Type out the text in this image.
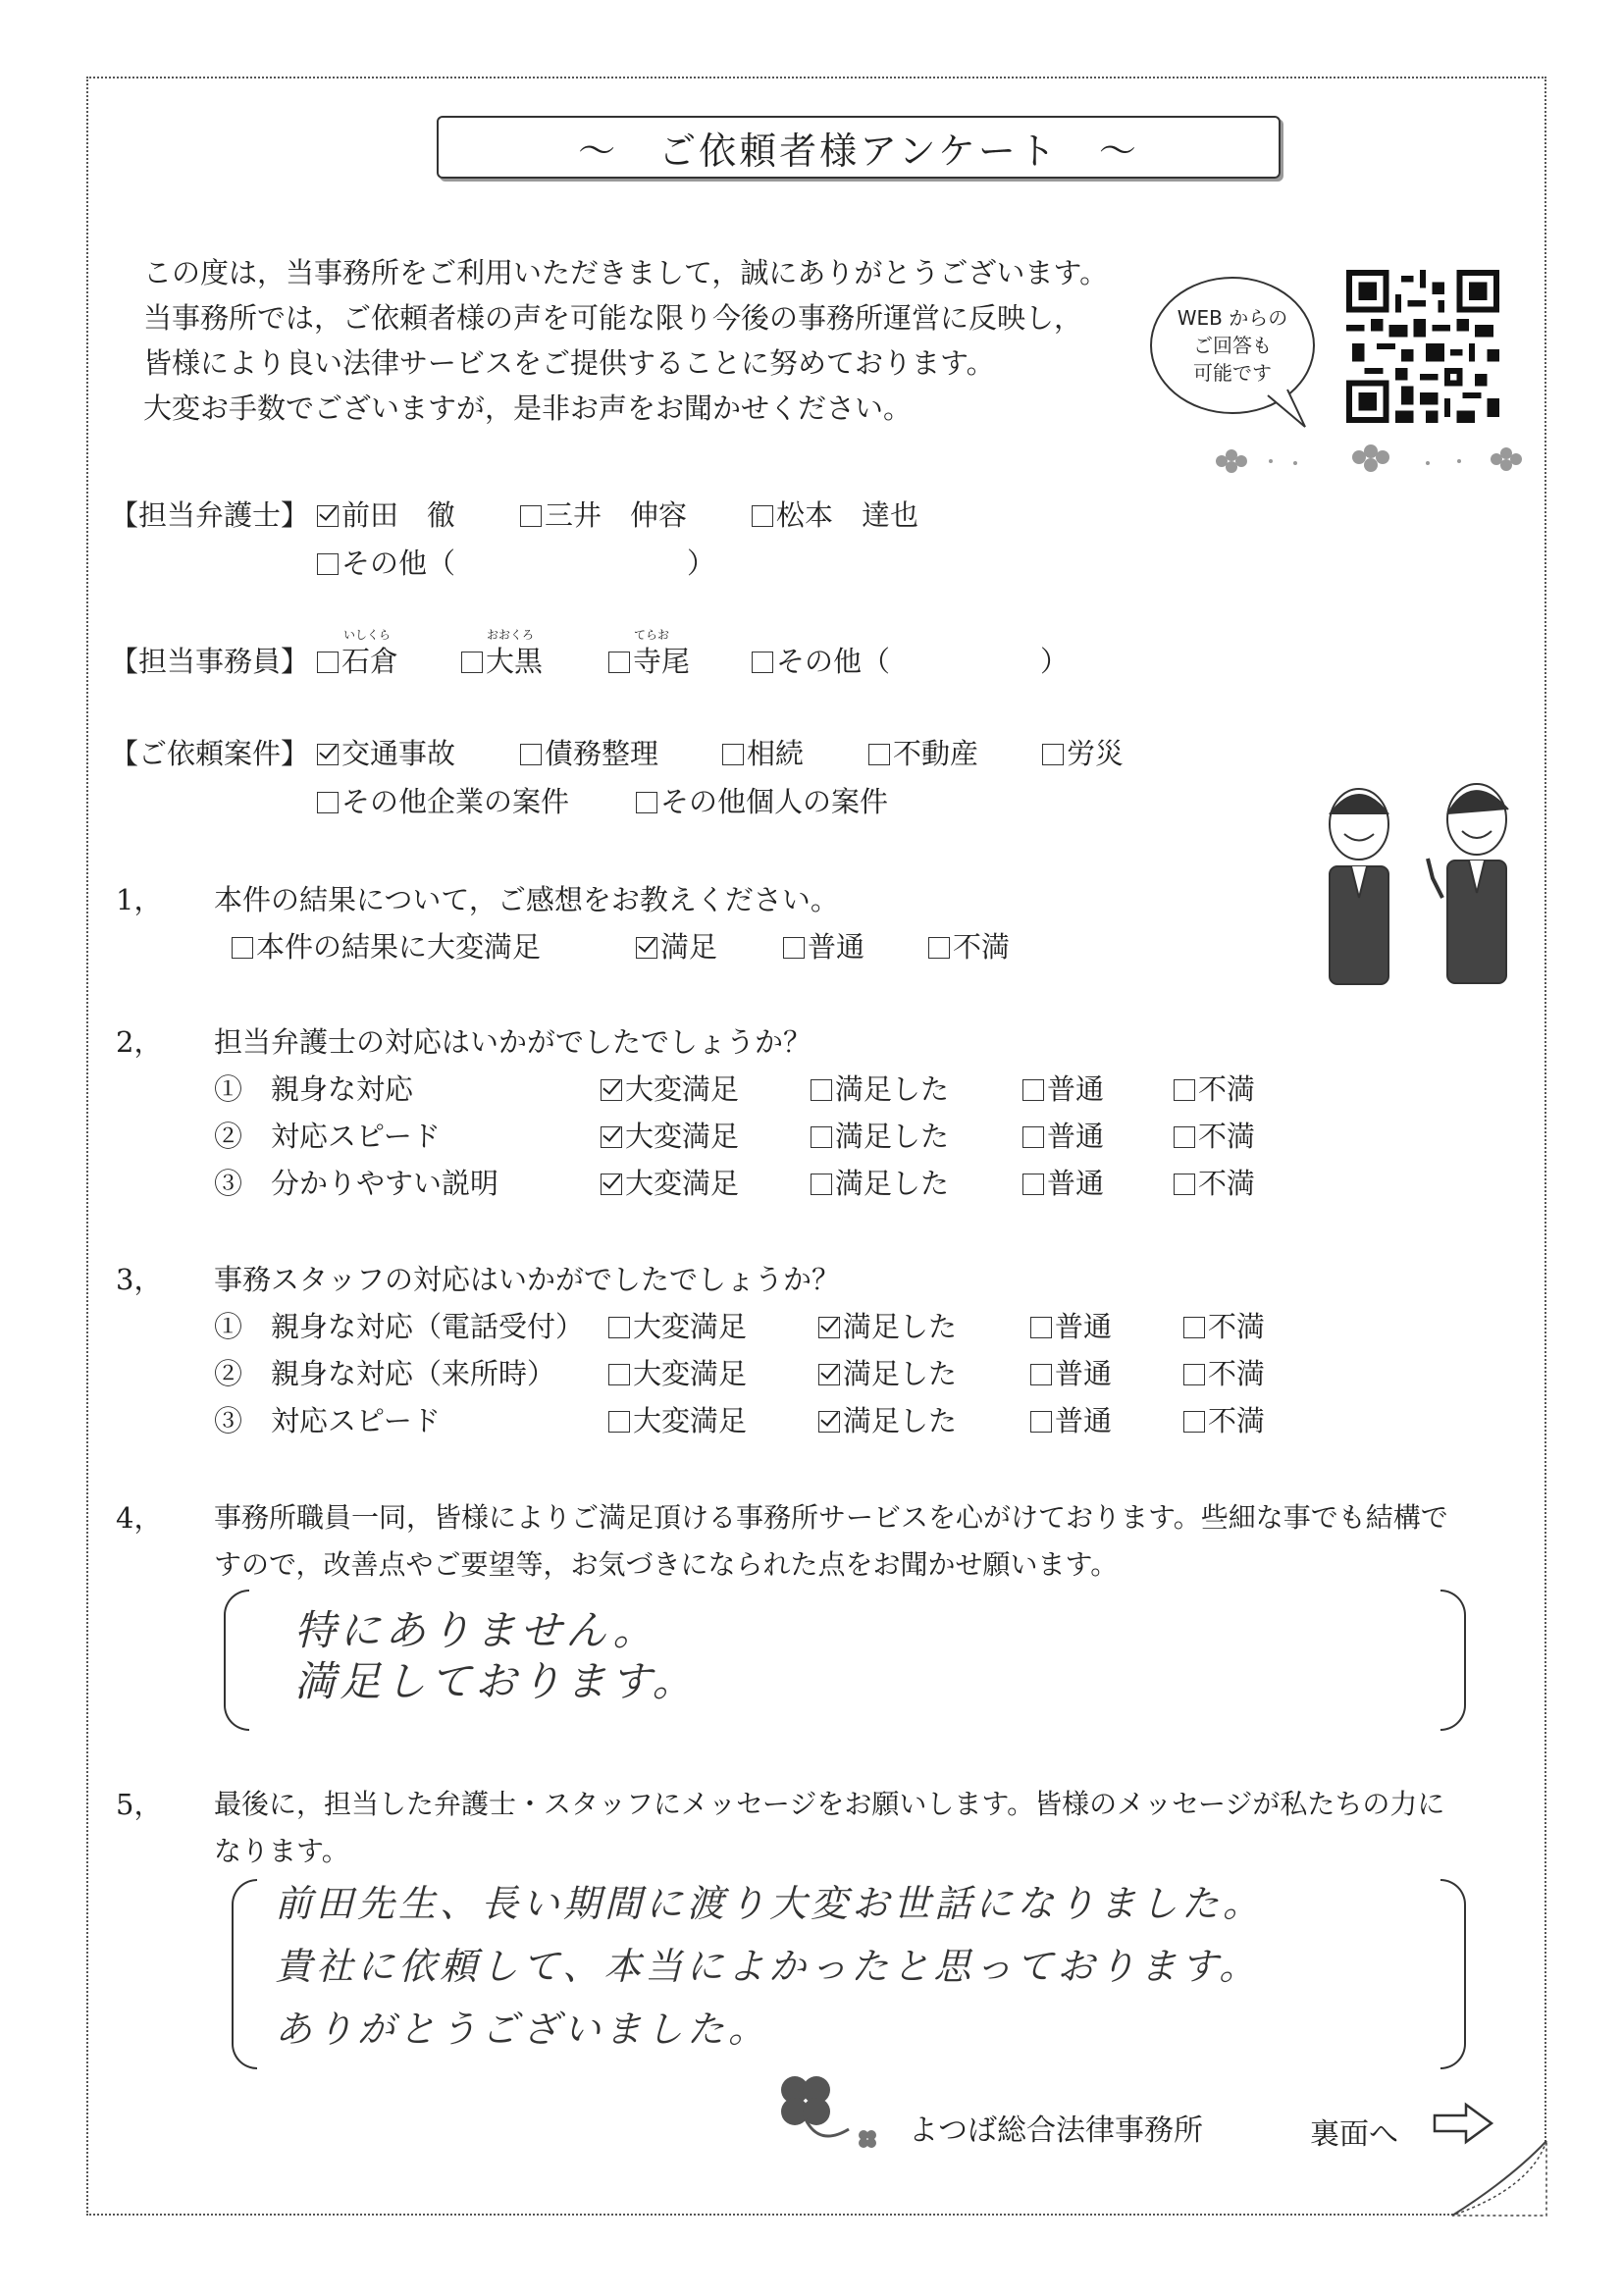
〜　ご依頼者様アンケート　〜
この度は，当事務所をご利用いただきまして，誠にありがとうございます。
当事務所では，ご依頼者様の声を可能な限り今後の事務所運営に反映し，
皆様により良い法律サービスをご提供することに努めております。
大変お手数でございますが，是非お声をお聞かせください。
WEB からの
ご回答も
可能です
【担当弁護士】	前田　徹	三井　伸容	松本　達也
その他（	）
【担当事務員】
いしくら	おおくろ	てらお
石倉	大黒	寺尾	その他（	）
【ご依頼案件】	交通事故	債務整理	相続	不動産	労災
その他企業の案件	その他個人の案件
1， 本件の結果について，ご感想をお教えください。
本件の結果に大変満足	満足	普通	不満
2， 担当弁護士の対応はいかがでしたでしょうか？
①　親身な対応	大変満足	満足した	普通	不満
②　対応スピード	大変満足	満足した	普通	不満
③　分かりやすい説明	大変満足	満足した	普通	不満
3， 事務スタッフの対応はいかがでしたでしょうか？
①　親身な対応（電話受付）	大変満足	満足した	普通	不満
②　親身な対応（来所時）	大変満足	満足した	普通	不満
③　対応スピード	大変満足	満足した	普通	不満
4， 事務所職員一同，皆様によりご満足頂ける事務所サービスを心がけております。些細な事でも結構で
すので，改善点やご要望等，お気づきになられた点をお聞かせ願います。
特にありません。
満足しております。
5， 最後に，担当した弁護士・スタッフにメッセージをお願いします。皆様のメッセージが私たちの力に
なります。
前田先生、長い期間に渡り大変お世話になりました。
貴社に依頼して、本当によかったと思っております。
ありがとうございました。
よつば総合法律事務所	裏面へ
